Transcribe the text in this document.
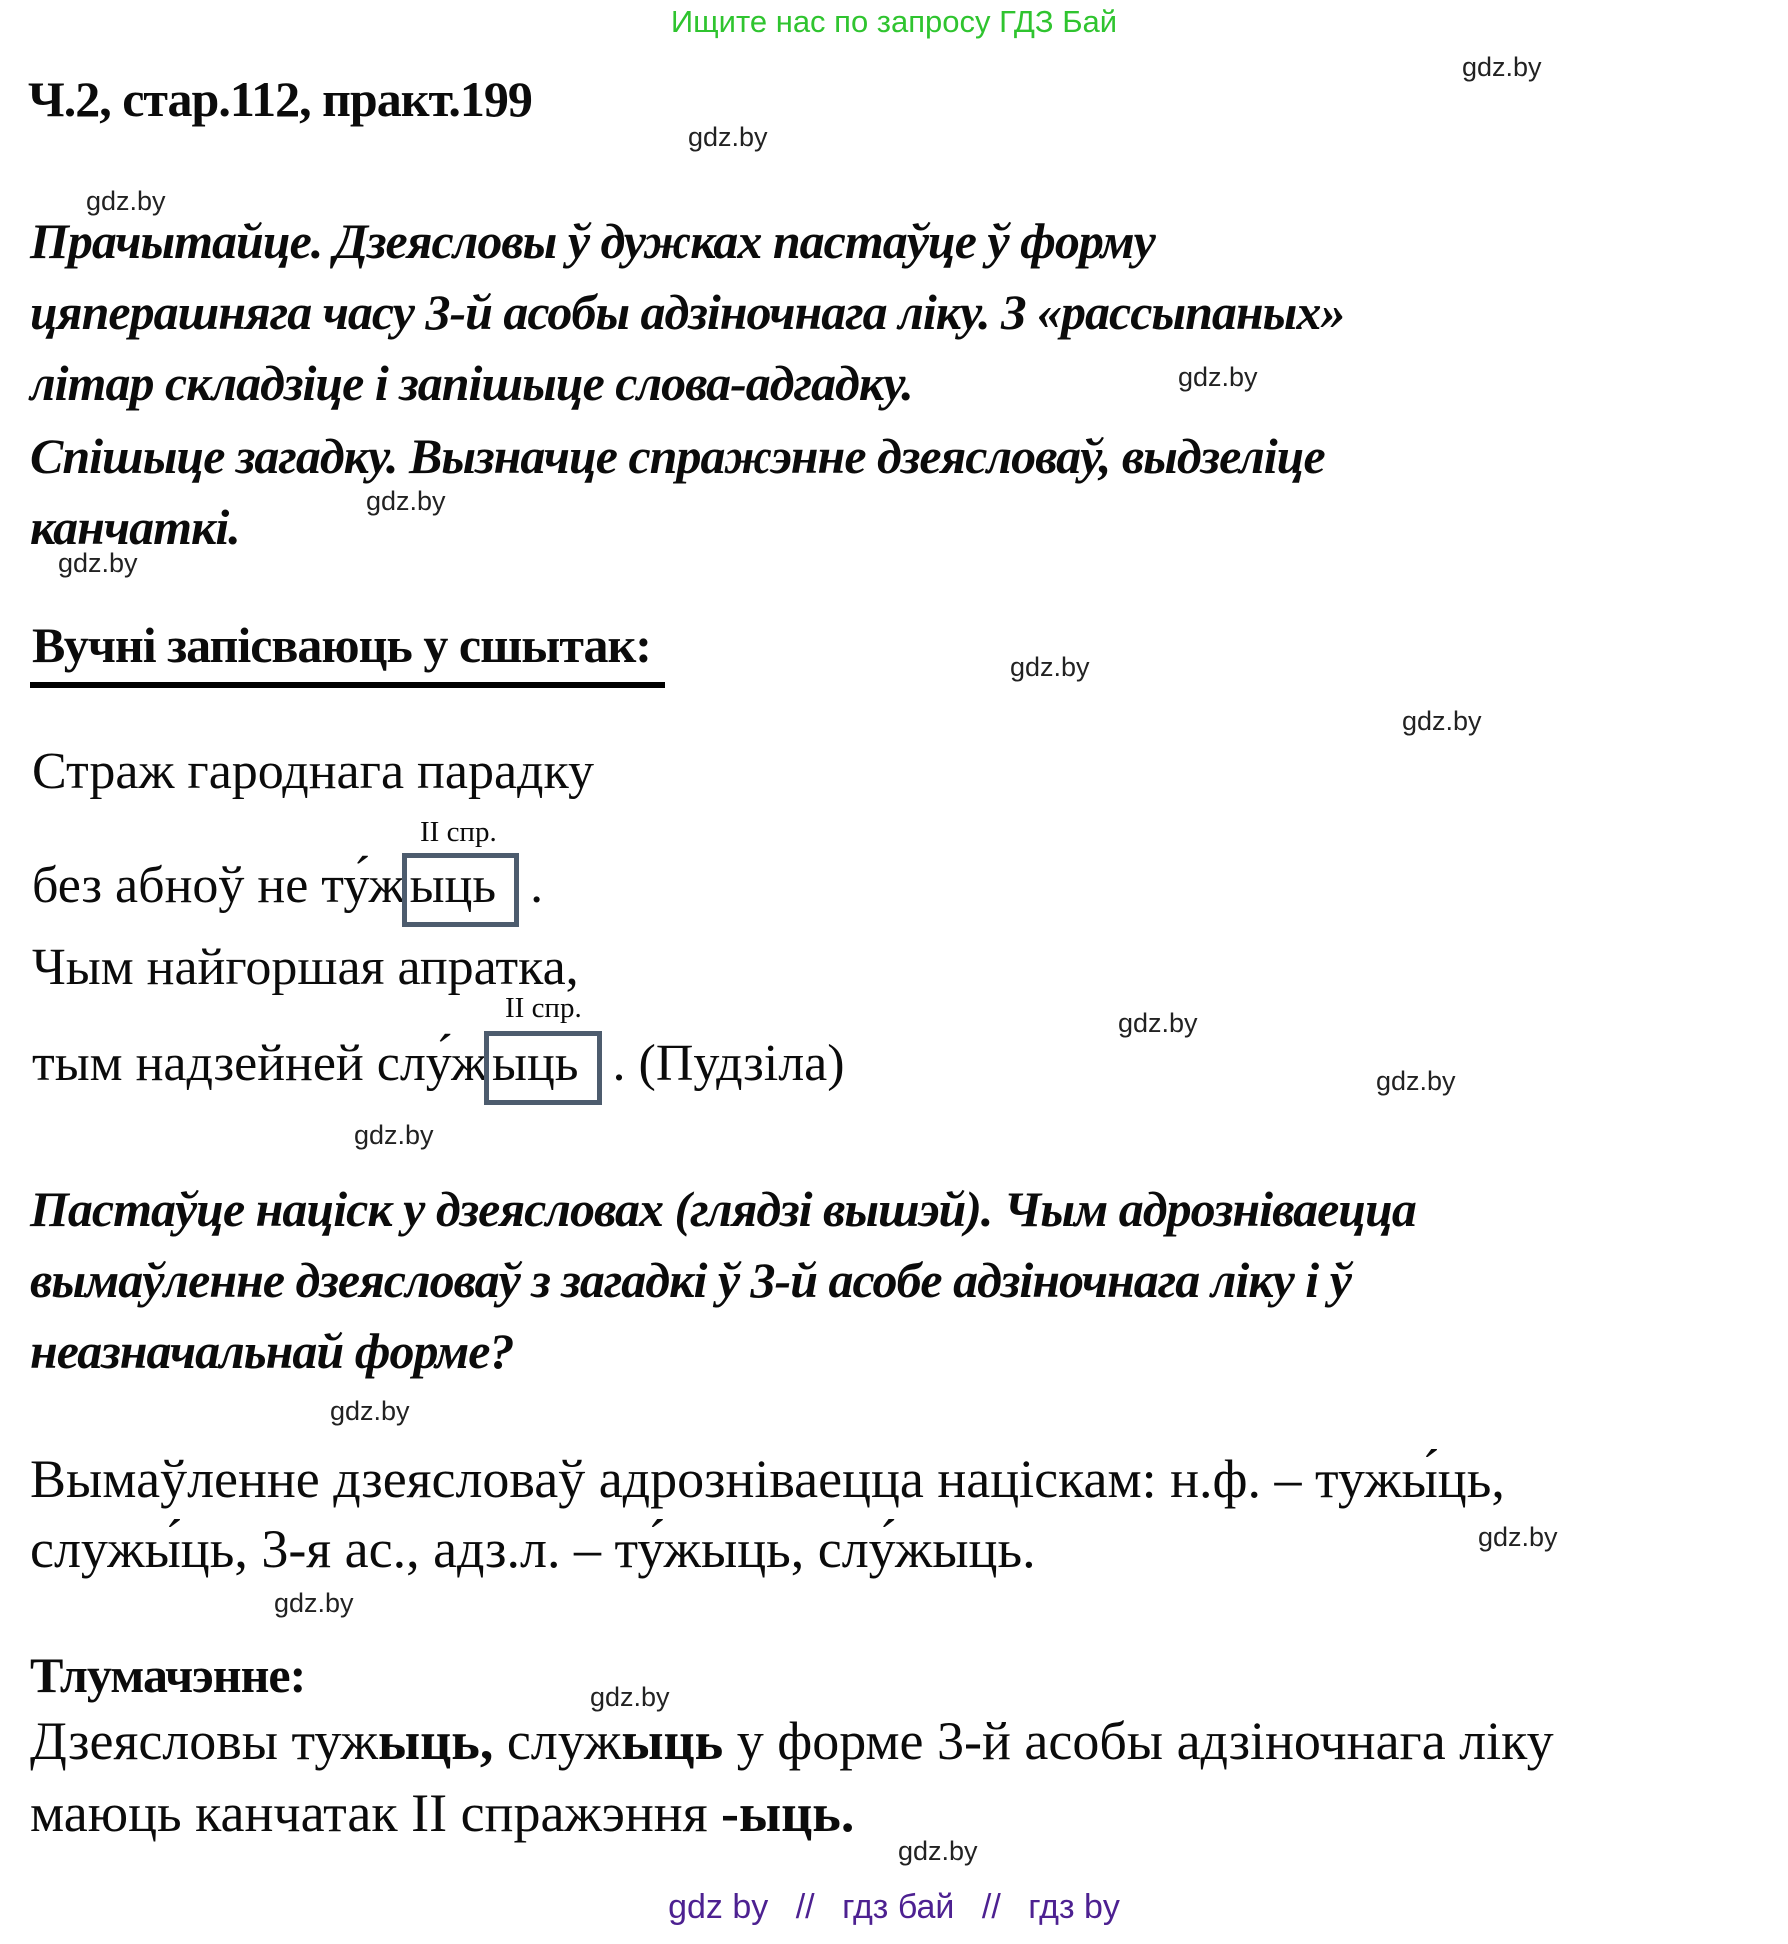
Ищите нас по запросу ГДЗ Бай
gdz.by
gdz.by
gdz.by
gdz.by
gdz.by
gdz.by
gdz.by
gdz.by
gdz.by
gdz.by
gdz.by
gdz.by
gdz.by
gdz.by
gdz.by
gdz.by
Ч.2, стар.112, практ.199
Прачытайце. Дзеясловы ў дужках пастаўце ў форму
цяперашняга часу 3-й асобы адзіночнага ліку. З «рассыпаных»
літар складзіце і запішыце слова-адгадку.
Спішыце загадку. Вызначце спражэнне дзеясловаў, выдзеліце
канчаткі.
Вучні запісваюць у сшытак:
Страж гароднага парадку
II спр.
без абноў не ту́жыць .
Чым найгоршая апратка,
II спр.
тым надзейней слу́жыць . (Пудзіла)
Пастаўце націск у дзеясловах (глядзі вышэй). Чым адрозніваецца
вымаўленне дзеясловаў з загадкі ў 3-й асобе адзіночнага ліку і ў
неазначальнай форме?
Вымаўленне дзеясловаў адрозніваецца націскам: н.ф. – тужы́ць,
служы́ць, 3-я ас., адз.л. – ту́жыць, слу́жыць.
Тлумачэнне:
Дзеясловы тужыць, служыць у форме 3-й асобы адзіночнага ліку
маюць канчатак II спражэння -ыць.
gdz by // гдз бай // гдз by
